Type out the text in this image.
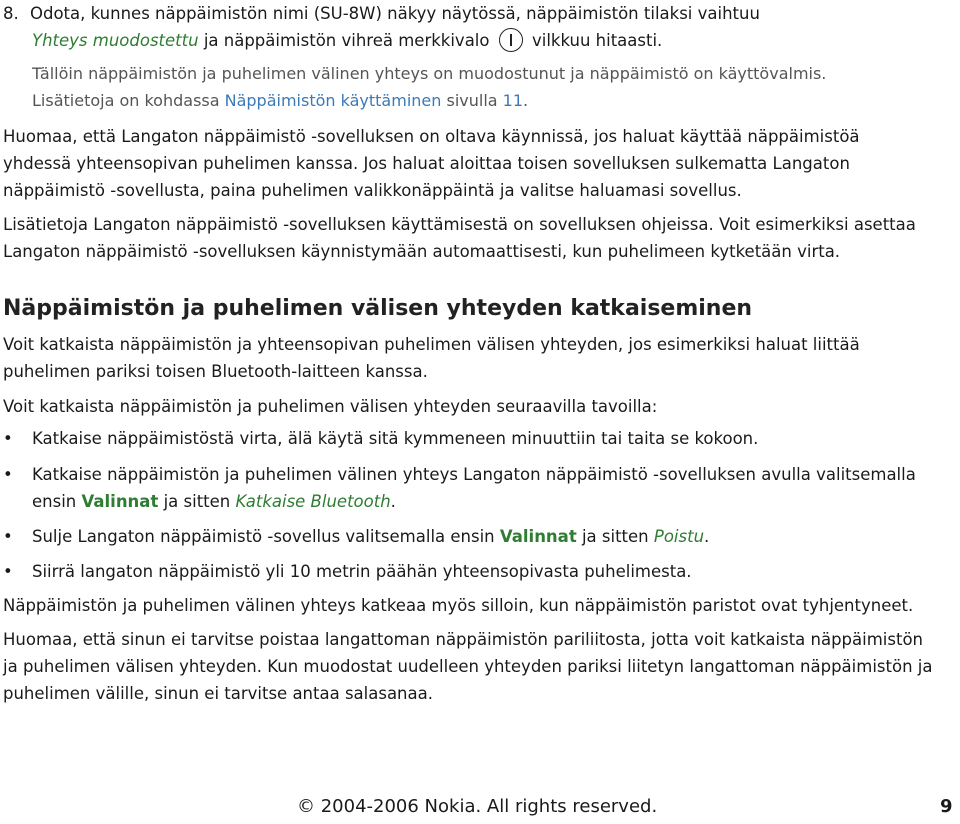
8. Odota, kunnes näppäimistön nimi (SU-8W) näkyy näytössä, näppäimistön tilaksi vaihtuu
Yhteys muodostettu ja näppäimistön vihreä merkkivalo  vilkkuu hitaasti.
Tällöin näppäimistön ja puhelimen välinen yhteys on muodostunut ja näppäimistö on käyttövalmis.
Lisätietoja on kohdassa Näppäimistön käyttäminen sivulla 11.
Huomaa, että Langaton näppäimistö -sovelluksen on oltava käynnissä, jos haluat käyttää näppäimistöä
yhdessä yhteensopivan puhelimen kanssa. Jos haluat aloittaa toisen sovelluksen sulkematta Langaton
näppäimistö -sovellusta, paina puhelimen valikkonäppäintä ja valitse haluamasi sovellus.
Lisätietoja Langaton näppäimistö -sovelluksen käyttämisestä on sovelluksen ohjeissa. Voit esimerkiksi asettaa
Langaton näppäimistö -sovelluksen käynnistymään automaattisesti, kun puhelimeen kytketään virta.
Näppäimistön ja puhelimen välisen yhteyden katkaiseminen
Voit katkaista näppäimistön ja yhteensopivan puhelimen välisen yhteyden, jos esimerkiksi haluat liittää
puhelimen pariksi toisen Bluetooth-laitteen kanssa.
Voit katkaista näppäimistön ja puhelimen välisen yhteyden seuraavilla tavoilla:
• Katkaise näppäimistöstä virta, älä käytä sitä kymmeneen minuuttiin tai taita se kokoon.
• Katkaise näppäimistön ja puhelimen välinen yhteys Langaton näppäimistö -sovelluksen avulla valitsemalla
ensin Valinnat ja sitten Katkaise Bluetooth.
• Sulje Langaton näppäimistö -sovellus valitsemalla ensin Valinnat ja sitten Poistu.
• Siirrä langaton näppäimistö yli 10 metrin päähän yhteensopivasta puhelimesta.
Näppäimistön ja puhelimen välinen yhteys katkeaa myös silloin, kun näppäimistön paristot ovat tyhjentyneet.
Huomaa, että sinun ei tarvitse poistaa langattoman näppäimistön pariliitosta, jotta voit katkaista näppäimistön
ja puhelimen välisen yhteyden. Kun muodostat uudelleen yhteyden pariksi liitetyn langattoman näppäimistön ja
puhelimen välille, sinun ei tarvitse antaa salasanaa.
© 2004-2006 Nokia. All rights reserved.	9
